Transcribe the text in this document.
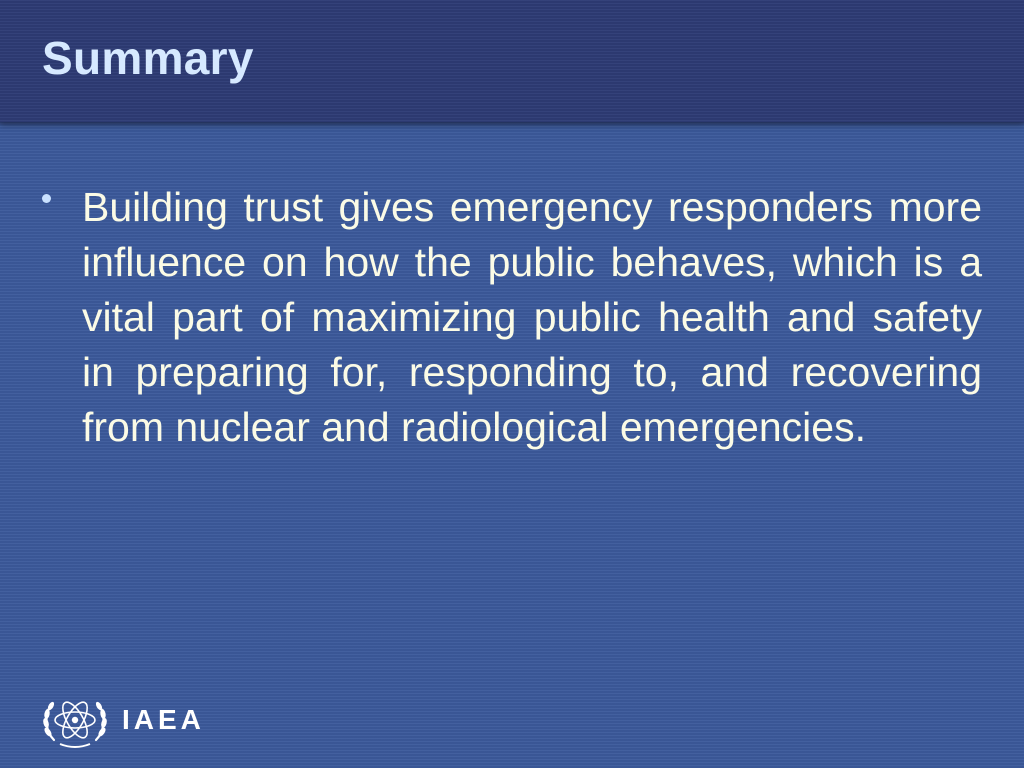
Summary

Building trust gives emergency responders more influence on how the public behaves, which is a vital part of maximizing public health and safety in preparing for, responding to, and recovering from nuclear and radiological emergencies.

IAEA
